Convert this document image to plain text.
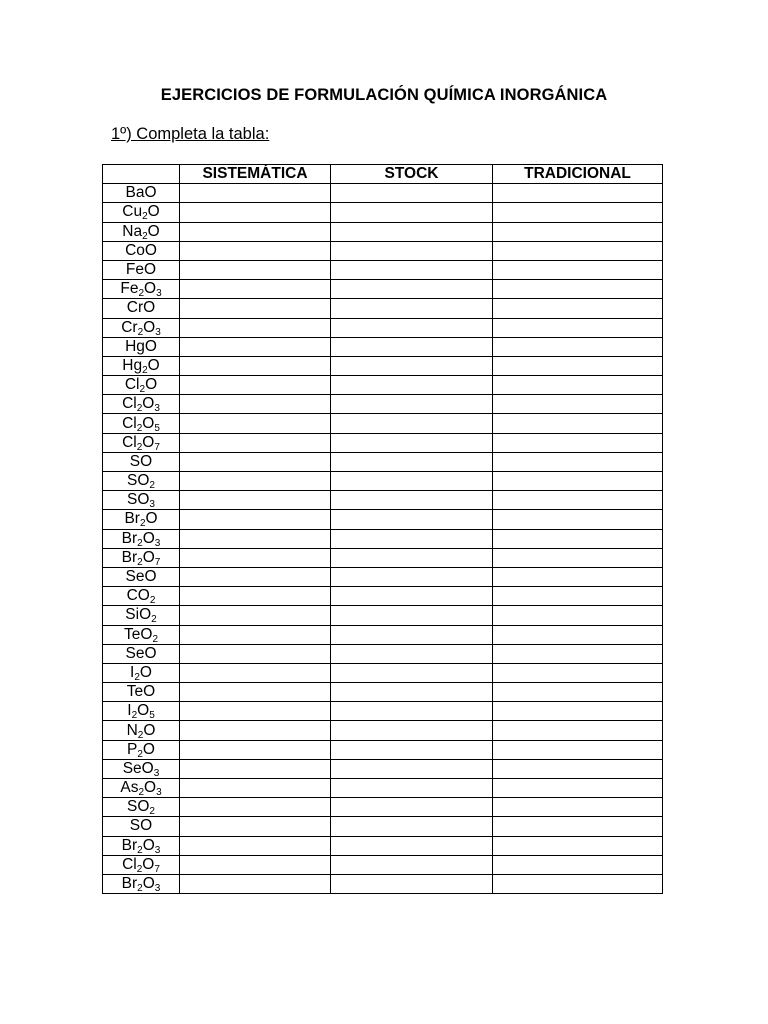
EJERCICIOS DE FORMULACIÓN QUÍMICA INORGÁNICA
1º) Completa la tabla:
	SISTEMÁTICA	STOCK	TRADICIONAL
BaO			
$Cu_2O$			
$Na_2O$			
CoO			
FeO			
$Fe_2O_3$			
CrO			
$Cr_2O_3$			
HgO			
$Hg_2O$			
$Cl_2O$			
$Cl_2O_3$			
$Cl_2O_5$			
$Cl_2O_7$			
SO			
$SO_2$			
$SO_3$			
$Br_2O$			
$Br_2O_3$			
$Br_2O_7$			
SeO			
$CO_2$			
SiO$_2$			
TeO$_2$			
SeO			
$I_2O$			
TeO			
$I_2O_5$			
$N_2O$			
$P_2O$			
SeO$_3$			
$As_2O_3$			
$SO_2$			
SO			
$Br_2O_3$			
$Cl_2O_7$			
$Br_2O_3$			
